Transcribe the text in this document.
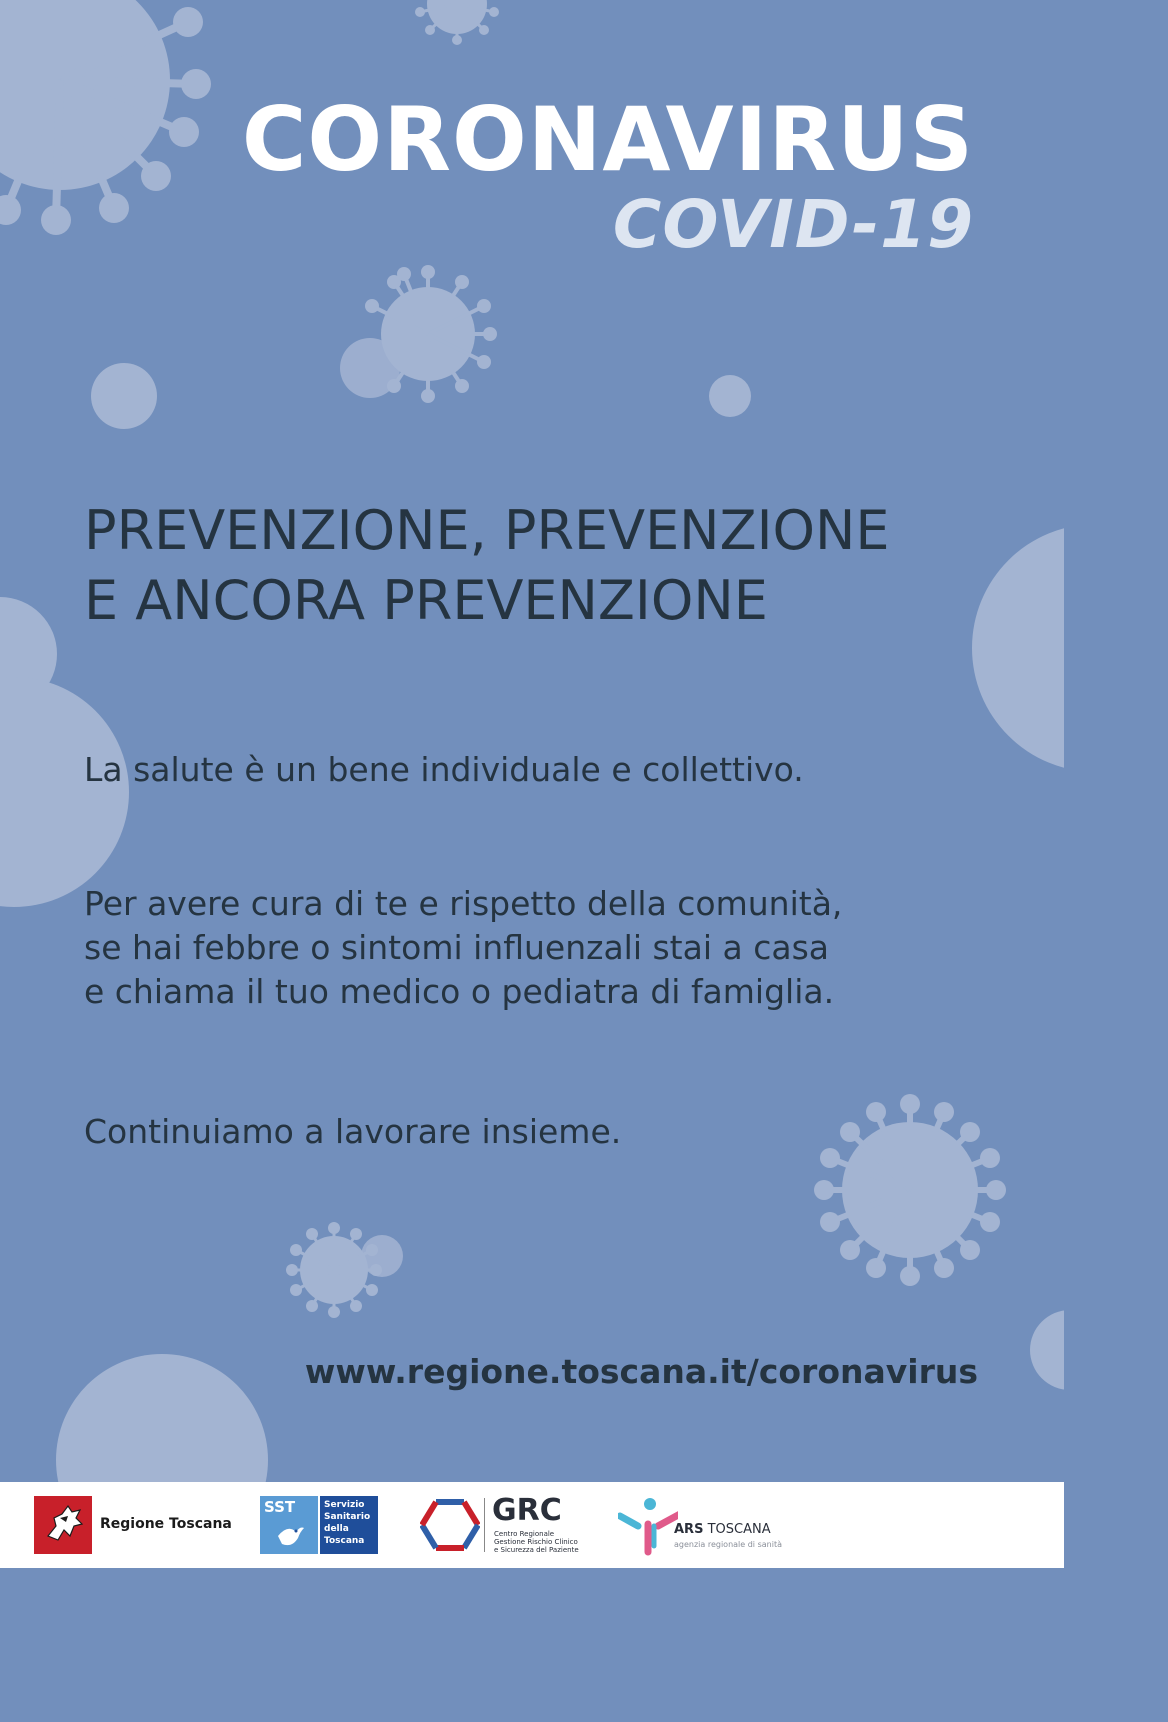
CORONAVIRUS
COVID-19
PREVENZIONE, PREVENZIONE
E ANCORA PREVENZIONE
La salute è un bene individuale e collettivo.
Per avere cura di te e rispetto della comunità,
se hai febbre o sintomi influenzali stai a casa
e chiama il tuo medico o pediatra di famiglia.
Continuiamo a lavorare insieme.
www.regione.toscana.it/coronavirus
Regione Toscana
SST	Servizio
Sanitario
della
Toscana
GRC
Centro Regionale
Gestione Rischio Clinico
e Sicurezza del Paziente
ARS TOSCANA
agenzia regionale di sanità
